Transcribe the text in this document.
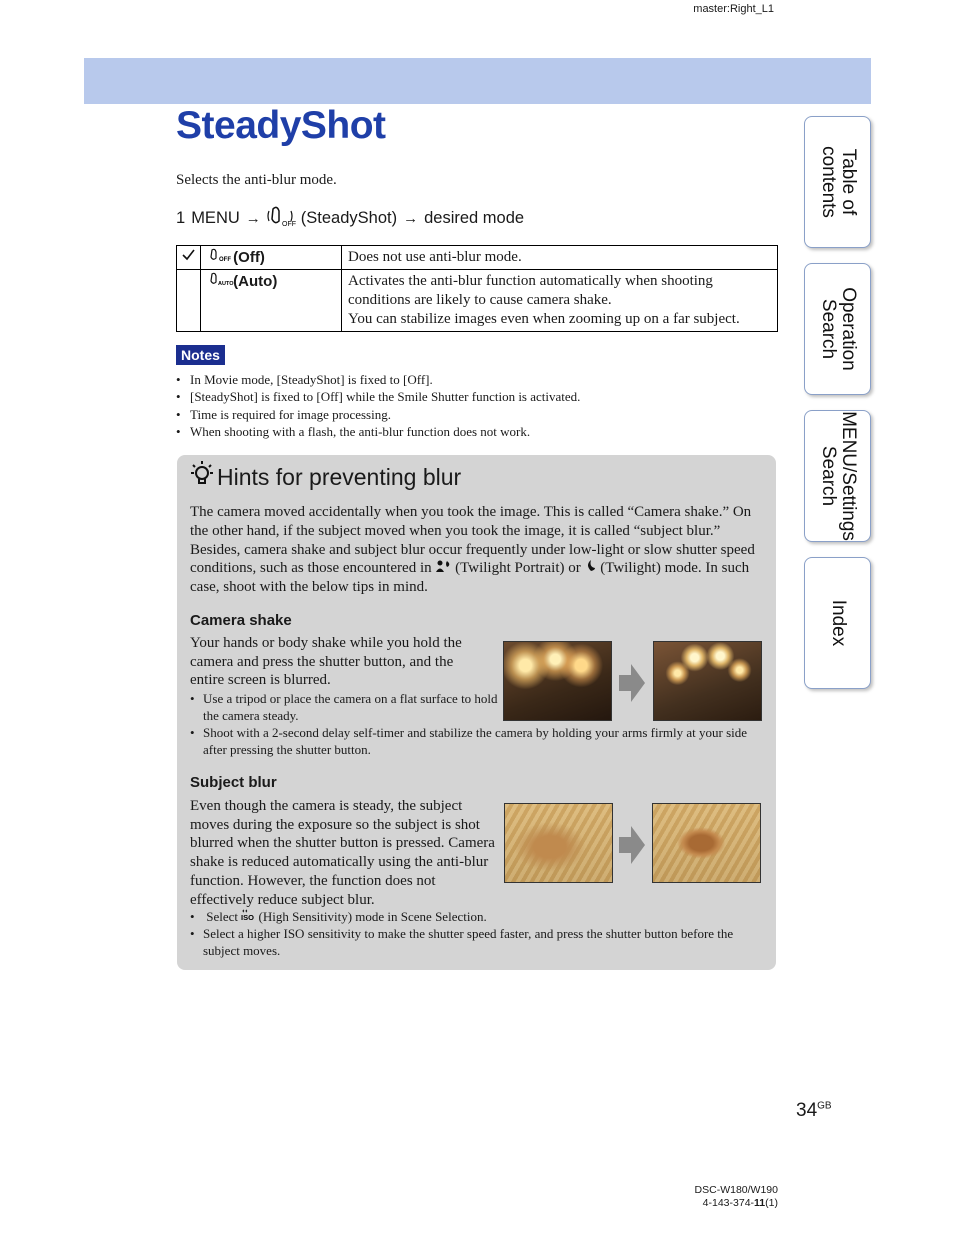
master:Right_L1
SteadyShot
Selects the anti-blur mode.
1 MENU →	OFF (SteadyShot) → desired mode

OFF (Off)	Does not use anti-blur mode.

AUTO (Auto)	Activates the anti-blur function automatically when shooting conditions are likely to cause camera shake.
You can stabilize images even when zooming up on a far subject.
Notes
• In Movie mode, [SteadyShot] is fixed to [Off].
• [SteadyShot] is fixed to [Off] while the Smile Shutter function is activated.
• Time is required for image processing.
• When shooting with a flash, the anti-blur function does not work.
Hints for preventing blur
The camera moved accidentally when you took the image. This is called “Camera shake.” On the other hand, if the subject moved when you took the image, it is called “subject blur.” Besides, camera shake and subject blur occur frequently under low-light or slow shutter speed conditions, such as those encountered in (Twilight Portrait) or (Twilight) mode. In such case, shoot with the below tips in mind.
Camera shake
Your hands or body shake while you hold the camera and press the shutter button, and the entire screen is blurred.
• Use a tripod or place the camera on a flat surface to hold the camera steady.
• Shoot with a 2-second delay self-timer and stabilize the camera by holding your arms firmly at your side after pressing the shutter button.
Subject blur
Even though the camera is steady, the subject moves during the exposure so the subject is shot blurred when the shutter button is pressed. Camera shake is reduced automatically using the anti-blur function. However, the function does not effectively reduce subject blur.
• Select ISO (High Sensitivity) mode in Scene Selection.
• Select a higher ISO sensitivity to make the shutter speed faster, and press the shutter button before the subject moves.
Table of
contents
Operation
Search
MENU/Settings
Search
Index
$34^{GB}$
DSC-W180/W190
4-143-374-11(1)
